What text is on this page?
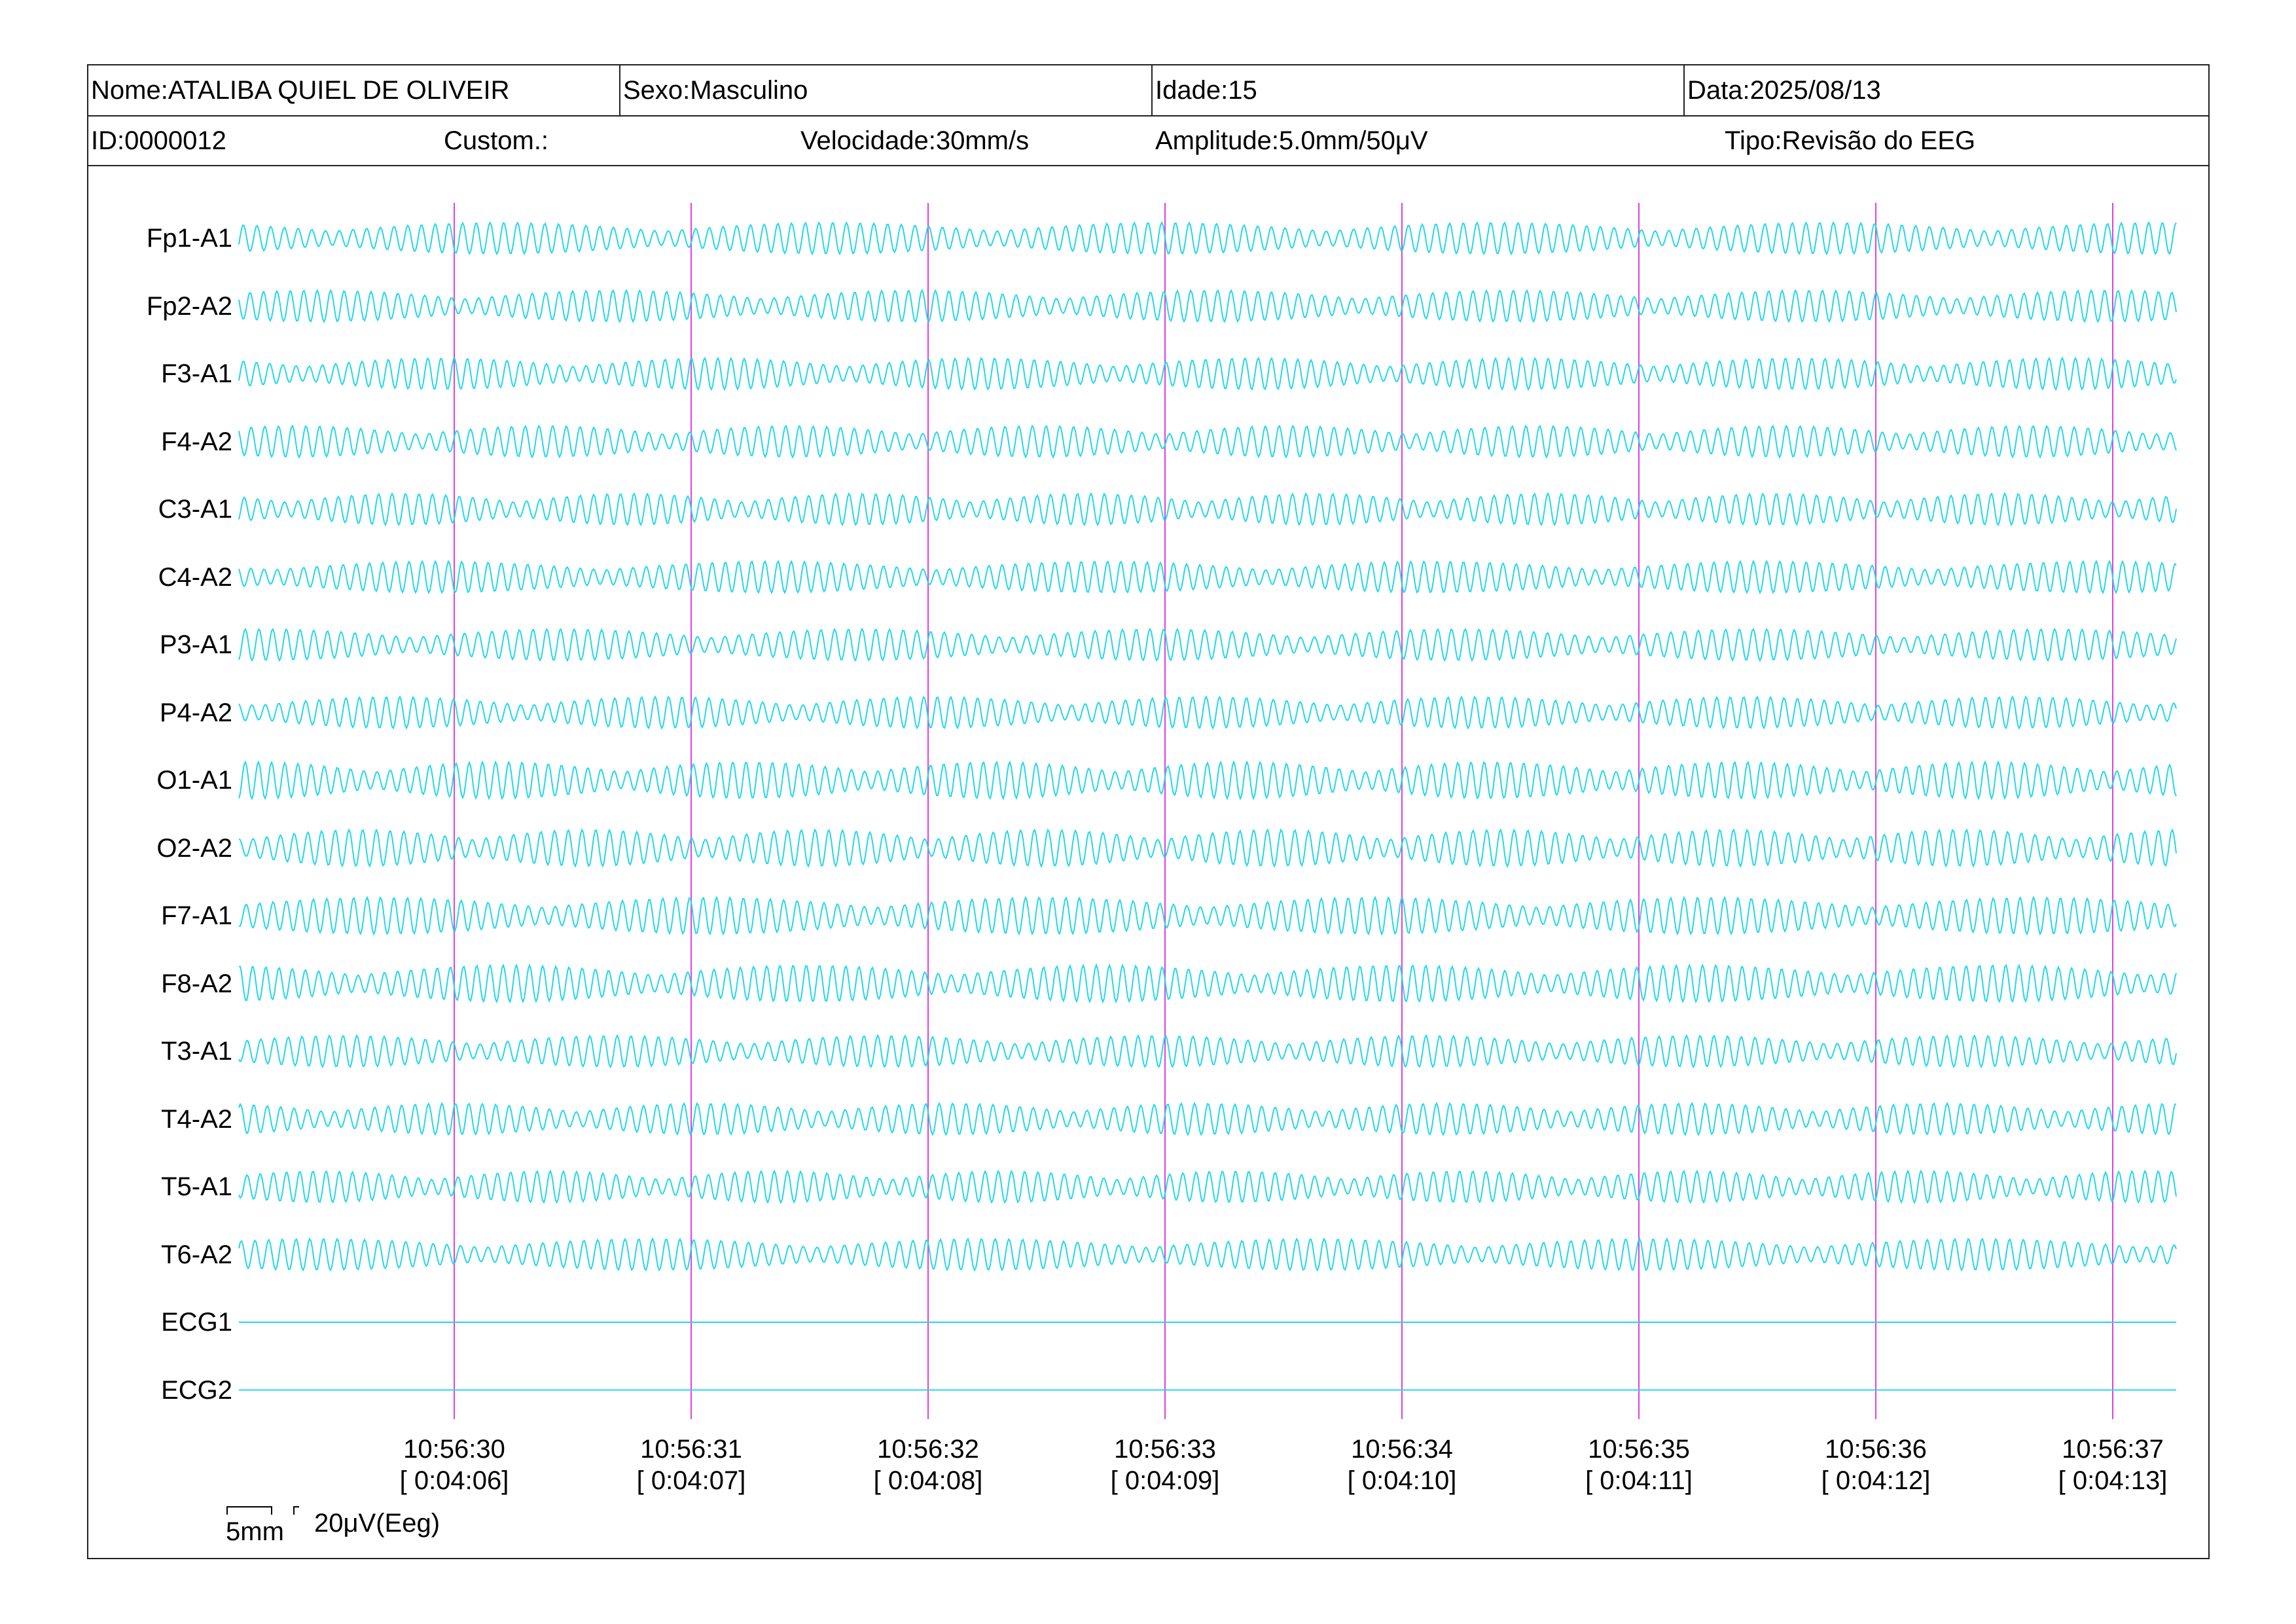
Nome:ATALIBA QUIEL DE OLIVEIR	Sexo:Masculino	Idade:15	Data:2025/08/13
ID:0000012	Custom.:	Velocidade:30mm/s	Amplitude:5.0mm/50μV	Tipo:Revisão do EEG
Fp1-A1
Fp2-A2
F3-A1
F4-A2
C3-A1
C4-A2
P3-A1
P4-A2
O1-A1
O2-A2
F7-A1
F8-A2
T3-A1
T4-A2
T5-A1
T6-A2
ECG1
ECG2
10:56:30
[ 0:04:06]
10:56:31
[ 0:04:07]
10:56:32
[ 0:04:08]
10:56:33
[ 0:04:09]
10:56:34
[ 0:04:10]
10:56:35
[ 0:04:11]
10:56:36
[ 0:04:12]
10:56:37
[ 0:04:13]
5mm 20μV(Eeg)
